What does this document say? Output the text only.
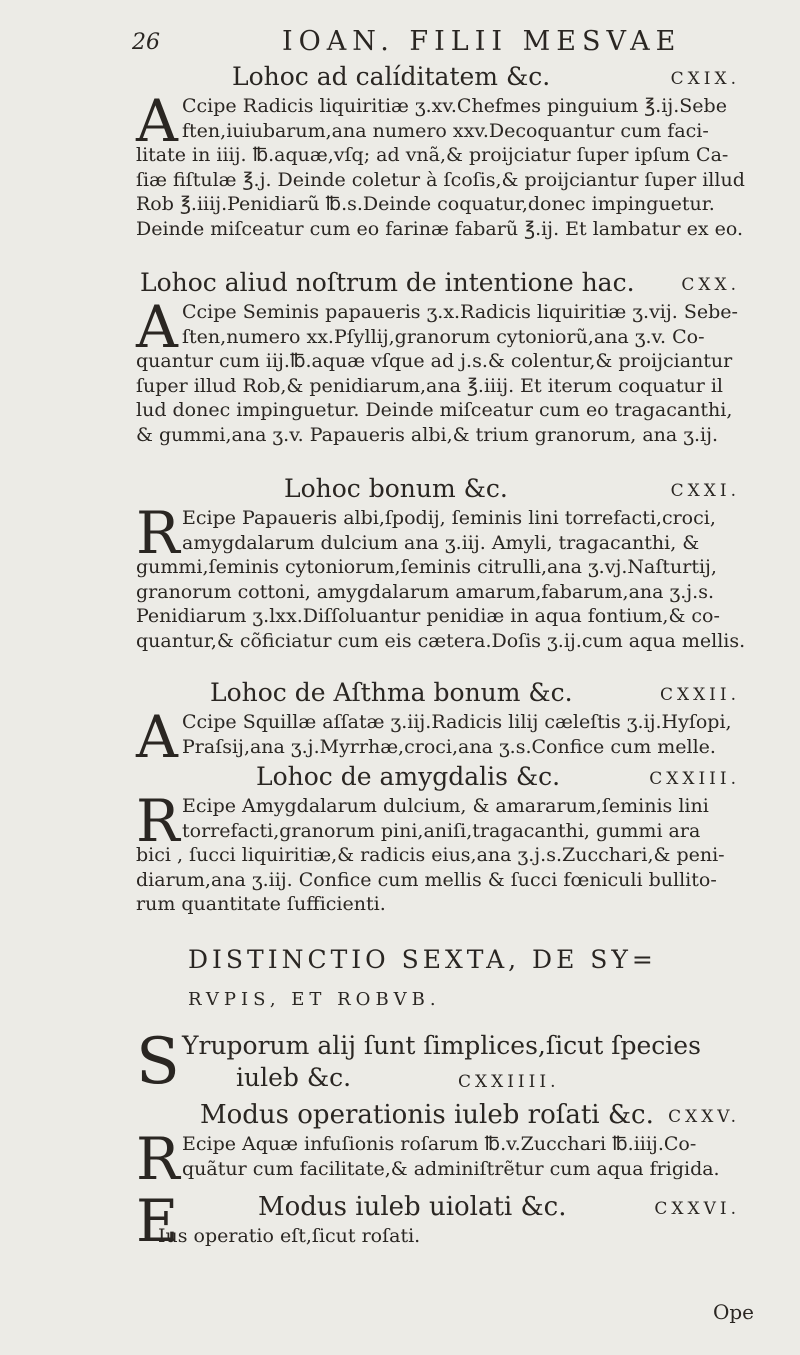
26	IOAN. FILII MESVAE
Lohoc ad calíditatem &c.	CXIX.
A Ccipe Radicis liquiritiæ ʒ.xv.Chefmes pinguium ℥.ij.Sebe
ften,iuiubarum,ana numero xxv.Decoquantur cum faci-
litate in iiij. ℔.aquæ,vſq; ad vnã,& proijciatur ſuper ipſum Ca-
ſiæ fiſtulæ ℥.j. Deinde coletur à ſcoſis,& proijciantur ſuper illud
Rob ℥.iiij.Penidiarũ ℔.s.Deinde coquatur,donec impinguetur.
Deinde miſceatur cum eo farinæ fabarũ ℥.ij. Et lambatur ex eo.
Lohoc aliud noſtrum de intentione hac.	CXX.
A Ccipe Seminis papaueris ʒ.x.Radicis liquiritiæ ʒ.vij. Sebe-
ſten,numero xx.Pſyllij,granorum cytoniorũ,ana ʒ.v. Co-
quantur cum iij.℔.aquæ vſque ad j.s.& colentur,& proijciantur
ſuper illud Rob,& penidiarum,ana ℥.iiij. Et iterum coquatur il
lud donec impinguetur. Deinde miſceatur cum eo tragacanthi,
& gummi,ana ʒ.v. Papaueris albi,& trium granorum, ana ʒ.ij.
Lohoc bonum &c.	CXXI.
R Ecipe Papaueris albi,ſpodij, ſeminis lini torrefacti,croci,
amygdalarum dulcium ana ʒ.iij. Amyli, tragacanthi, &
gummi,ſeminis cytoniorum,ſeminis citrulli,ana ʒ.vj.Naſturtij,
granorum cottoni, amygdalarum amarum,fabarum,ana ʒ.j.s.
Penidiarum ʒ.lxx.Diſſoluantur penidiæ in aqua fontium,& co-
quantur,& cõficiatur cum eis cætera.Doſis ʒ.ij.cum aqua mellis.
Lohoc de Aſthma bonum &c.	CXXII.
A Ccipe Squillæ aſſatæ ʒ.iij.Radicis lilij cæleſtis ʒ.ij.Hyſopi,
Praſsij,ana ʒ.j.Myrrhæ,croci,ana ʒ.s.Confice cum melle.
Lohoc de amygdalis &c.	CXXIII.
R Ecipe Amygdalarum dulcium, & amararum,ſeminis lini
torrefacti,granorum pini,aniſi,tragacanthi, gummi ara
bici , ſucci liquiritiæ,& radicis eius,ana ʒ.j.s.Zucchari,& peni-
diarum,ana ʒ.iij. Confice cum mellis & ſucci fœniculi bullito-
rum quantitate ſufficienti.
DISTINCTIO SEXTA, DE SY=
RVPIS, ET ROBVB.
S Yruporum alij ſunt ſimplices,ſicut ſpecies
iuleb &c.	CXXIIII.
Modus operationis iuleb roſati &c. CXXV.
R Ecipe Aquæ infuſionis roſarum ℔.v.Zucchari ℔.iiij.Co-
quãtur cum facilitate,& adminiſtrẽtur cum aqua frigida.
Modus iuleb uiolati &c.	CXXVI.
E
Ius operatio eſt,ſicut roſati.
Ope
